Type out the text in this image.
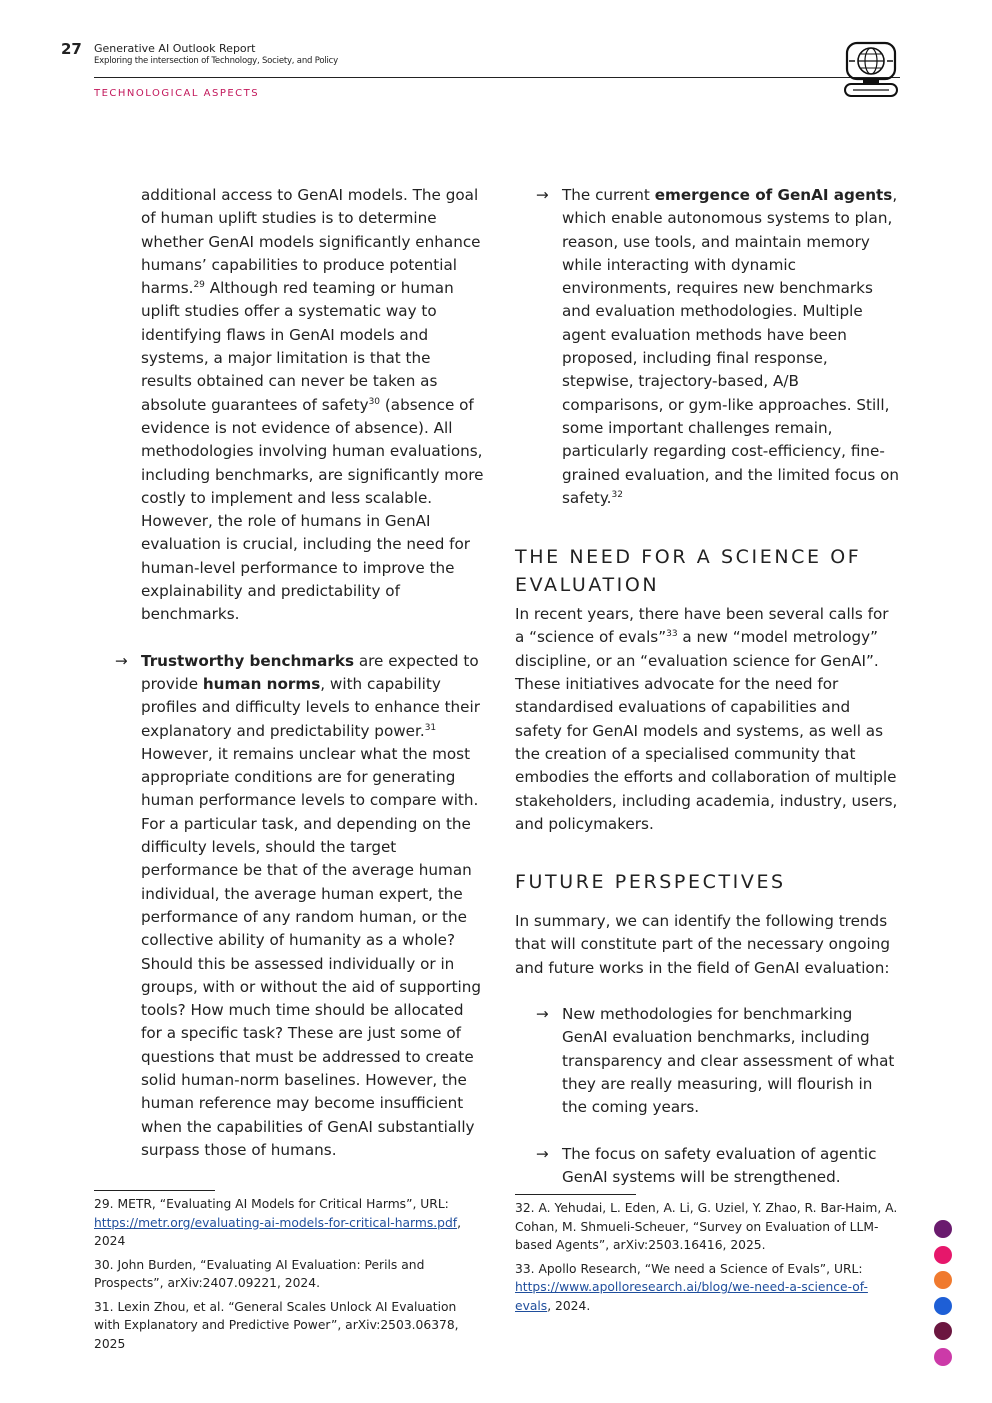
27 Generative AI Outlook Report
Exploring the intersection of Technology, Society, and Policy
TECHNOLOGICAL ASPECTS

additional access to GenAI models. The goal of human uplift studies is to determine whether GenAI models significantly enhance humans’ capabilities to produce potential harms.$^{29}$ Although red teaming or human uplift studies offer a systematic way to identifying flaws in GenAI models and systems, a major limitation is that the results obtained can never be taken as absolute guarantees of safety$^{30}$ (absence of evidence is not evidence of absence). All methodologies involving human evaluations, including benchmarks, are significantly more costly to implement and less scalable. However, the role of humans in GenAI evaluation is crucial, including the need for human-level performance to improve the explainability and predictability of benchmarks.

→ Trustworthy benchmarks are expected to provide human norms, with capability profiles and difficulty levels to enhance their explanatory and predictability power.$^{31}$ However, it remains unclear what the most appropriate conditions are for generating human performance levels to compare with. For a particular task, and depending on the difficulty levels, should the target performance be that of the average human individual, the average human expert, the performance of any random human, or the collective ability of humanity as a whole? Should this be assessed individually or in groups, with or without the aid of supporting tools? How much time should be allocated for a specific task? These are just some of questions that must be addressed to create solid human-norm baselines. However, the human reference may become insufficient when the capabilities of GenAI substantially surpass those of humans.

→ The current emergence of GenAI agents, which enable autonomous systems to plan, reason, use tools, and maintain memory while interacting with dynamic environments, requires new benchmarks and evaluation methodologies. Multiple agent evaluation methods have been proposed, including final response, stepwise, trajectory-based, A/B comparisons, or gym-like approaches. Still, some important challenges remain, particularly regarding cost-efficiency, fine-grained evaluation, and the limited focus on safety.$^{32}$

THE NEED FOR A SCIENCE OF EVALUATION

In recent years, there have been several calls for a “science of evals”$^{33}$ a new “model metrology” discipline, or an “evaluation science for GenAI”. These initiatives advocate for the need for standardised evaluations of capabilities and safety for GenAI models and systems, as well as the creation of a specialised community that embodies the efforts and collaboration of multiple stakeholders, including academia, industry, users, and policymakers.

FUTURE PERSPECTIVES

In summary, we can identify the following trends that will constitute part of the necessary ongoing and future works in the field of GenAI evaluation:

→ New methodologies for benchmarking GenAI evaluation benchmarks, including transparency and clear assessment of what they are really measuring, will flourish in the coming years.

→ The focus on safety evaluation of agentic GenAI systems will be strengthened.

29. METR, “Evaluating AI Models for Critical Harms”, URL: https://metr.org/evaluating-ai-models-for-critical-harms.pdf, 2024

30. John Burden, “Evaluating AI Evaluation: Perils and Prospects”, arXiv:2407.09221, 2024.

31. Lexin Zhou, et al. “General Scales Unlock AI Evaluation with Explanatory and Predictive Power”, arXiv:2503.06378, 2025

32. A. Yehudai, L. Eden, A. Li, G. Uziel, Y. Zhao, R. Bar-Haim, A. Cohan, M. Shmueli-Scheuer, “Survey on Evaluation of LLM-based Agents”, arXiv:2503.16416, 2025.

33. Apollo Research, “We need a Science of Evals”, URL: https://www.apolloresearch.ai/blog/we-need-a-science-of-evals, 2024.
